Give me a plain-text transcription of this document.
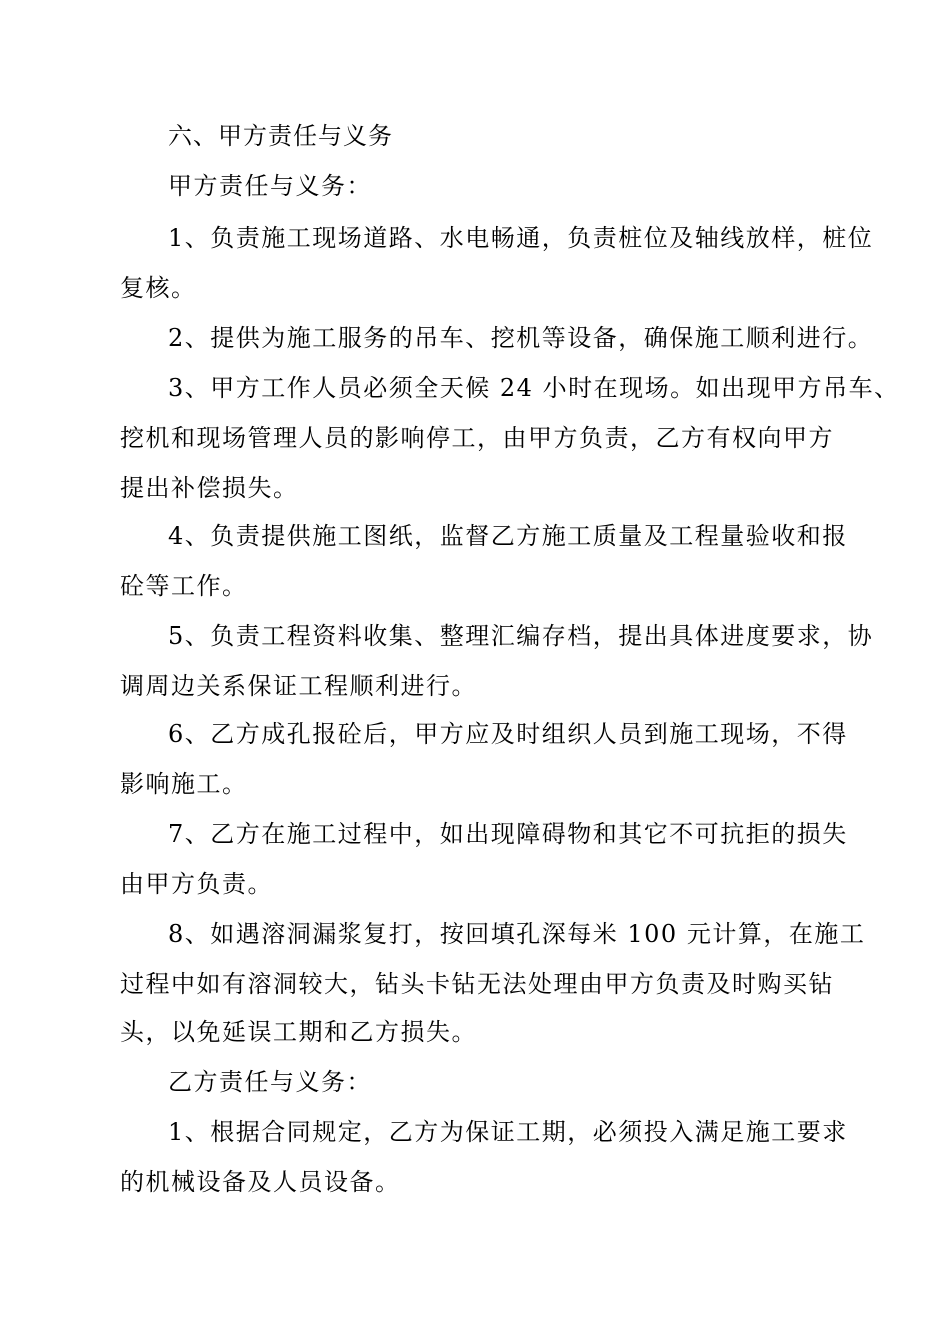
六、甲方责任与义务
甲方责任与义务：
1、负责施工现场道路、水电畅通，负责桩位及轴线放样，桩位
复核。
2、提供为施工服务的吊车、挖机等设备，确保施工顺利进行。
3、甲方工作人员必须全天候 24 小时在现场。如出现甲方吊车、
挖机和现场管理人员的影响停工，由甲方负责，乙方有权向甲方
提出补偿损失。
4、负责提供施工图纸，监督乙方施工质量及工程量验收和报
砼等工作。
5、负责工程资料收集、整理汇编存档，提出具体进度要求，协
调周边关系保证工程顺利进行。
6、乙方成孔报砼后，甲方应及时组织人员到施工现场，不得
影响施工。
7、乙方在施工过程中，如出现障碍物和其它不可抗拒的损失
由甲方负责。
8、如遇溶洞漏浆复打，按回填孔深每米 100 元计算，在施工
过程中如有溶洞较大，钻头卡钻无法处理由甲方负责及时购买钻
头，以免延误工期和乙方损失。
乙方责任与义务：
1、根据合同规定，乙方为保证工期，必须投入满足施工要求
的机械设备及人员设备。
